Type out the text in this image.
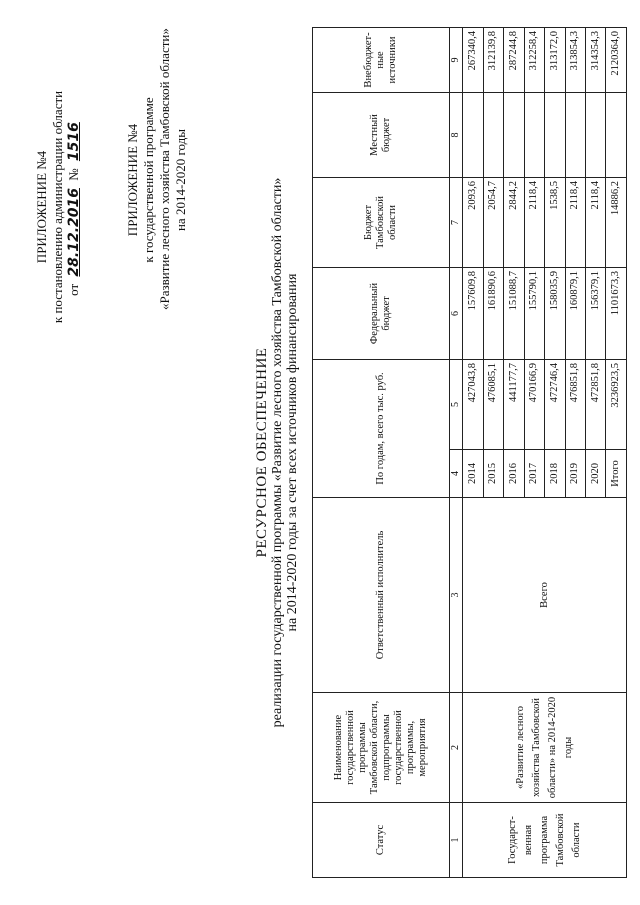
ПРИЛОЖЕНИЕ №4 к постановлению администрации области от 28.12.2016 № 1516	ПРИЛОЖЕНИЕ №4 к государственной программе «Развитие лесного хозяйства Тамбовской области» на 2014-2020 годы
РЕСУРСНОЕ ОБЕСПЕЧЕНИЕ реализации государственной программы «Развитие лесного хозяйства Тамбовской области» на 2014-2020 годы за счет всех источников финансирования
Статус	Наименование государственной программы Тамбовской области, подпрограммы государственной программы, мероприятия	Ответственный исполнитель	По годам, всего тыс. руб.		Федеральный бюджет	Бюджет Тамбовской области	Местный бюджет	Внебюджет-ные источники
1	2	3	4	5	6	7	8	9
Государст-венная программа Тамбовской области	«Развитие лесного хозяйства Тамбовской области» на 2014-2020 годы	Всего	2014	427043,8	157609,8	2093,6		267340,4
			2015	476085,1	161890,6	2054,7		312139,8
			2016	441177,7	151088,7	2844,2		287244,8
			2017	470166,9	155790,1	2118,4		312258,4
			2018	472746,4	158035,9	1538,5		313172,0
			2019	476851,8	160879,1	2118,4		313854,3
			2020	472851,8	156379,1	2118,4		314354,3
			Итого	3236923,5	1101673,3	14886,2		2120364,0
